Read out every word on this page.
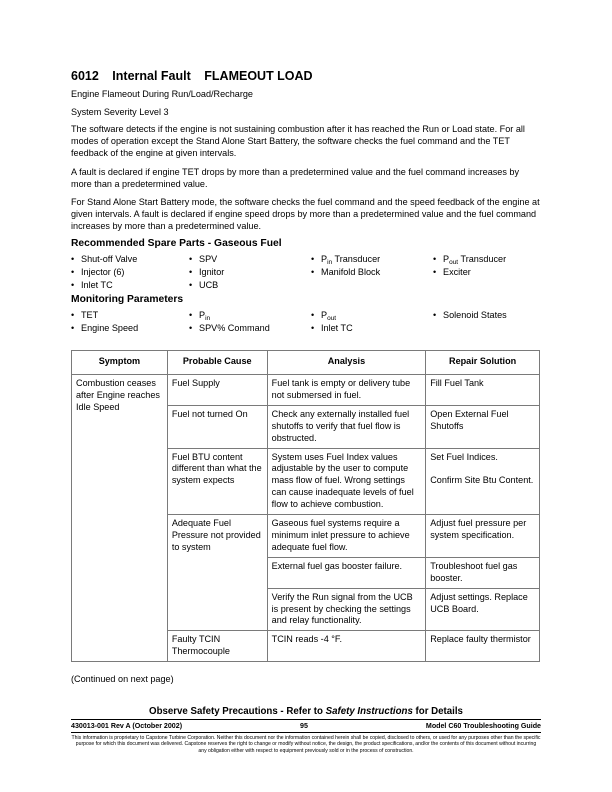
6012 Internal Fault FLAMEOUT LOAD
Engine Flameout During Run/Load/Recharge
System Severity Level 3
The software detects if the engine is not sustaining combustion after it has reached the Run or Load state. For all modes of operation except the Stand Alone Start Battery, the software checks the fuel command and the TET feedback of the engine at given intervals.
A fault is declared if engine TET drops by more than a predetermined value and the fuel command increases by more than a predetermined value.
For Stand Alone Start Battery mode, the software checks the fuel command and the speed feedback of the engine at given intervals. A fault is declared if engine speed drops by more than a predetermined value and the fuel command increases by more than a predetermined value.
Recommended Spare Parts - Gaseous Fuel
• Shut-off Valve
• Injector (6)
• Inlet TC
• SPV
• Ignitor
• UCB
• $P_{in}$ Transducer
• Manifold Block
• $P_{out}$ Transducer
• Exciter
Monitoring Parameters
• TET
• Engine Speed
• $P_{in}$
• SPV% Command
• $P_{out}$
• Inlet TC
• Solenoid States
Symptom	Probable Cause	Analysis	Repair Solution
Combustion ceases after Engine reaches Idle Speed	Fuel Supply	Fuel tank is empty or delivery tube not submersed in fuel.	Fill Fuel Tank
	Fuel not turned On	Check any externally installed fuel shutoffs to verify that fuel flow is obstructed.	Open External Fuel Shutoffs
	Fuel BTU content different than what the system expects	System uses Fuel Index values adjustable by the user to compute mass flow of fuel. Wrong settings can cause inadequate levels of fuel flow to achieve combustion.	Set Fuel Indices.
Confirm Site Btu Content.

	Adequate Fuel Pressure not provided to system	Gaseous fuel systems require a minimum inlet pressure to achieve adequate fuel flow.	Adjust fuel pressure per system specification.
		External fuel gas booster failure.	Troubleshoot fuel gas booster.
		Verify the Run signal from the UCB is present by checking the settings and relay functionality.	Adjust settings. Replace UCB Board.
	Faulty TCIN Thermocouple	TCIN reads -4 °F.	Replace faulty thermistor
(Continued on next page)
Observe Safety Precautions - Refer to Safety Instructions for Details
430013-001 Rev A (October 2002)	95	Model C60 Troubleshooting Guide
This information is proprietary to Capstone Turbine Corporation. Neither this document nor the information contained herein shall be copied, disclosed to others, or used for any purposes other than the specific purpose for which this document was delivered. Capstone reserves the right to change or modify without notice, the design, the product specifications, and/or the contents of this document without incurring any obligation either with respect to equipment previously sold or in the process of construction.
